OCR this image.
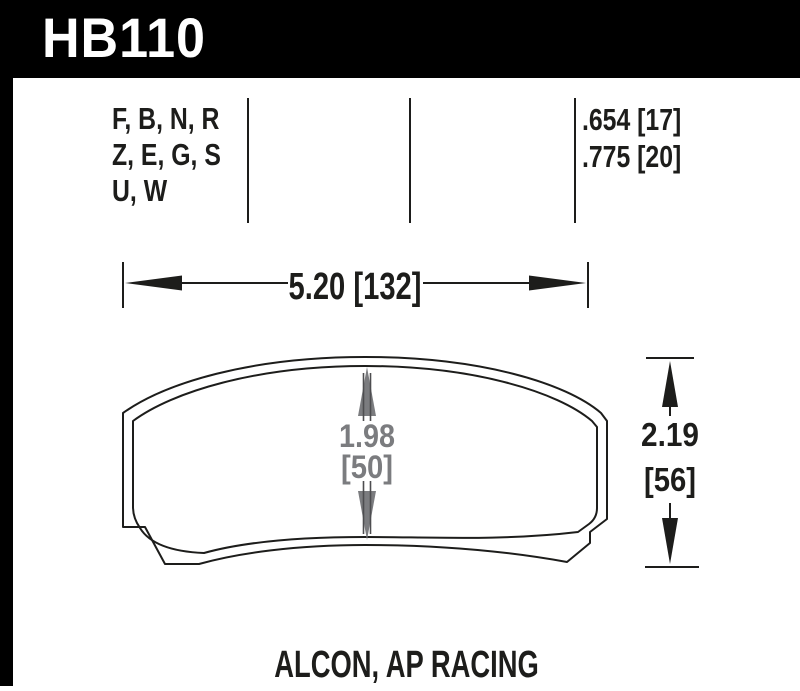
HB110
F, B, N, R
Z, E, G, S
U, W
.654 [17]
.775 [20]
5.20 [132]
1.98
[50]
2.19
[56]
ALCON, AP RACING
